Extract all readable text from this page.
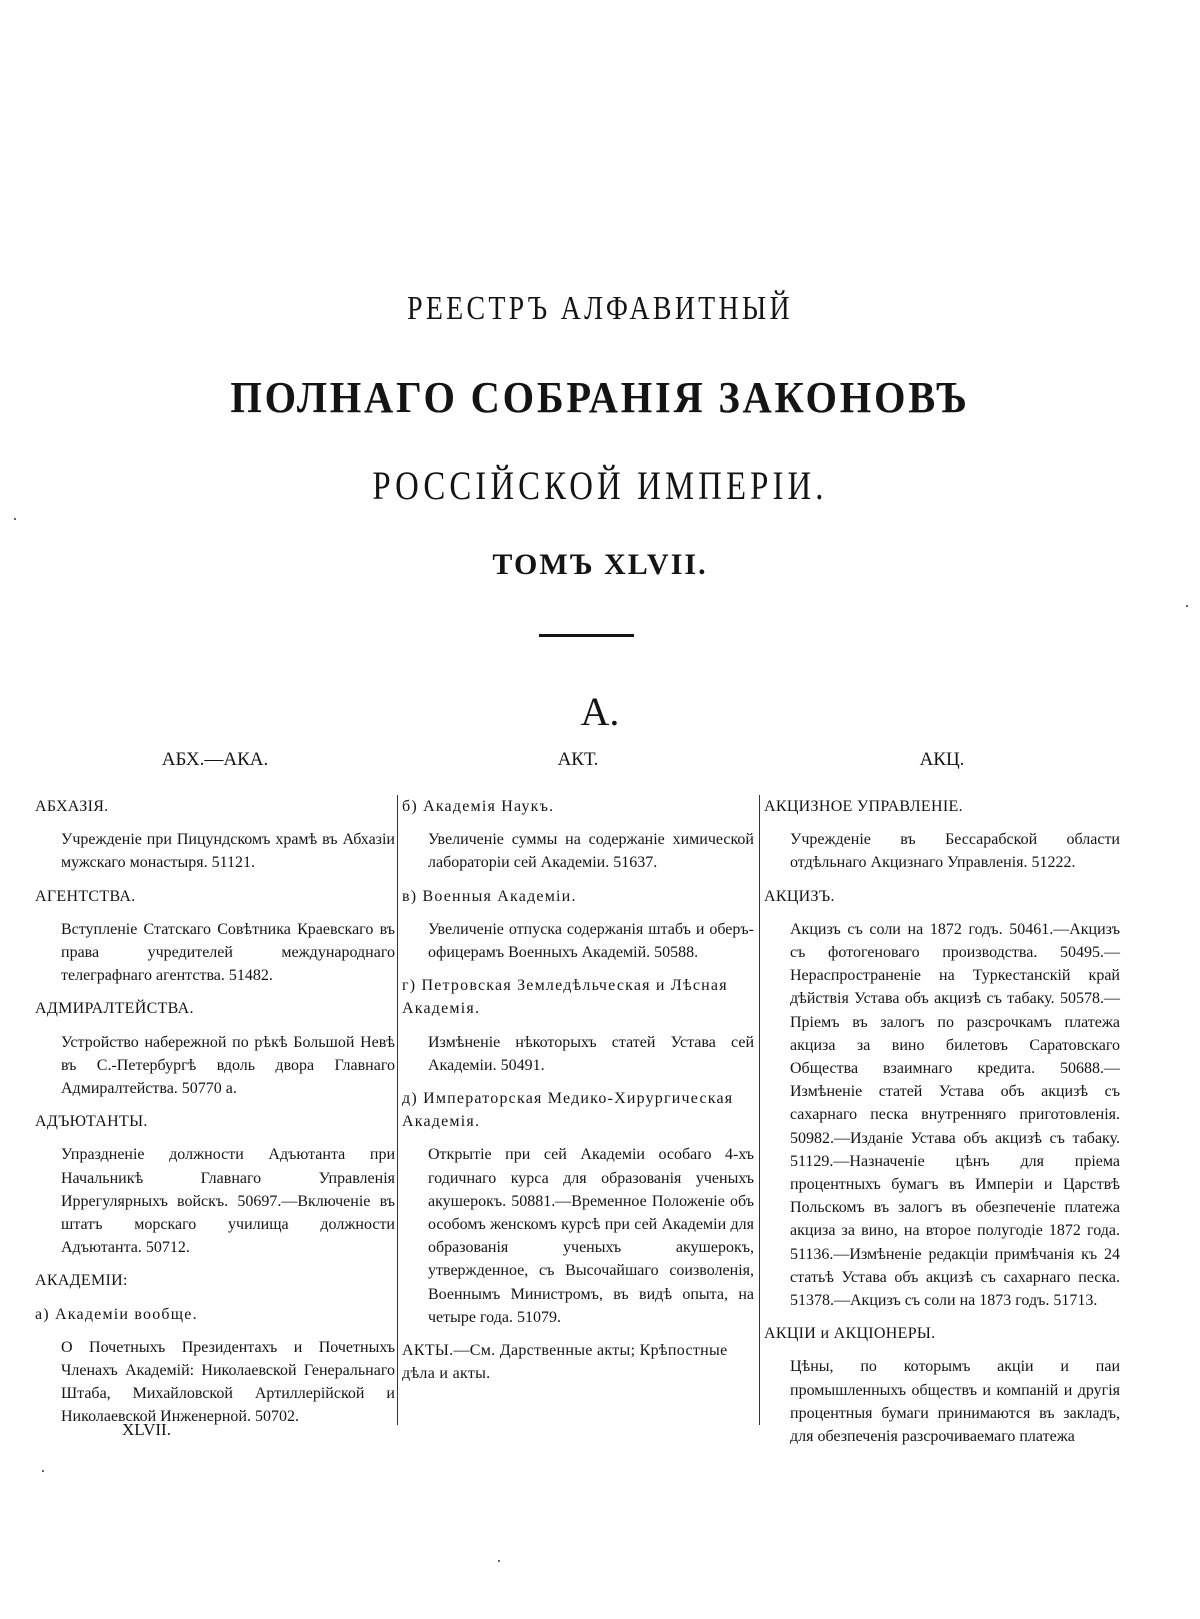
РЕЕСТРЪ АЛФАВИТНЫЙ
ПОЛНАГО СОБРАНІЯ ЗАКОНОВЪ
РОССІЙСКОЙ ИМПЕРІИ.
ТОМЪ XLVII.
А.
АБХ.—АКА.	АКТ.	АКЦ.
АБХАЗІЯ.
Учрежденіе при Пицундскомъ храмѣ въ Абхазіи мужскаго монастыря. 51121.
АГЕНТСТВА.
Вступленіе Статскаго Совѣтника Краевскаго въ права учредителей международнаго телеграфнаго агентства. 51482.
АДМИРАЛТЕЙСТВА.
Устройство набережной по рѣкѣ Большой Невѣ въ С.-Петербургѣ вдоль двора Главнаго Адмиралтейства. 50770 а.
АДЪЮТАНТЫ.
Упраздненіе должности Адъютанта при Начальникѣ Главнаго Управленія Иррегулярныхъ войскъ. 50697.—Включеніе въ штатъ морскаго училища должности Адъютанта. 50712.
АКАДЕМІИ:
а) Академіи вообще.
О Почетныхъ Президентахъ и Почетныхъ Членахъ Академій: Николаевской Генеральнаго Штаба, Михайловской Артиллерійской и Николаевской Инженерной. 50702.
б) Академія Наукъ.
Увеличеніе суммы на содержаніе химической лабораторіи сей Академіи. 51637.
в) Военныя Академіи.
Увеличеніе отпуска содержанія штабъ и оберъ-офицерамъ Военныхъ Академій. 50588.
г) Петровская Земледѣльческая и Лѣсная Академія.
Измѣненіе нѣкоторыхъ статей Устава сей Академіи. 50491.
д) Императорская Медико-Хирургическая Академія.
Открытіе при сей Академіи особаго 4-хъ годичнаго курса для образованія ученыхъ акушерокъ. 50881.—Временное Положеніе объ особомъ женскомъ курсѣ при сей Академіи для образованія ученыхъ акушерокъ, утвержденное, съ Высочайшаго соизволенія, Военнымъ Министромъ, въ видѣ опыта, на четыре года. 51079.
АКТЫ.—См. Дарственные акты; Крѣпостные дѣла и акты.
АКЦИЗНОЕ УПРАВЛЕНІЕ.
Учрежденіе въ Бессарабской области отдѣльнаго Акцизнаго Управленія. 51222.
АКЦИЗЪ.
Акцизъ съ соли на 1872 годъ. 50461.—Акцизъ съ фотогеноваго производства. 50495.—Нераспространеніе на Туркестанскій край дѣйствія Устава объ акцизѣ съ табаку. 50578.—Пріемъ въ залогъ по разсрочкамъ платежа акциза за вино билетовъ Саратовскаго Общества взаимнаго кредита. 50688.—Измѣненіе статей Устава объ акцизѣ съ сахарнаго песка внутренняго приготовленія. 50982.—Изданіе Устава объ акцизѣ съ табаку. 51129.—Назначеніе цѣнъ для пріема процентныхъ бумагъ въ Имперіи и Царствѣ Польскомъ въ залогъ въ обезпеченіе платежа акциза за вино, на второе полугодіе 1872 года. 51136.—Измѣненіе редакціи примѣчанія къ 24 статьѣ Устава объ акцизѣ съ сахарнаго песка. 51378.—Акцизъ съ соли на 1873 годъ. 51713.
АКЦІИ и АКЦІОНЕРЫ.
Цѣны, по которымъ акціи и паи промышленныхъ обществъ и компаній и другія процентныя бумаги принимаются въ закладъ, для обезпеченія разсрочиваемаго платежа
XLVII.
